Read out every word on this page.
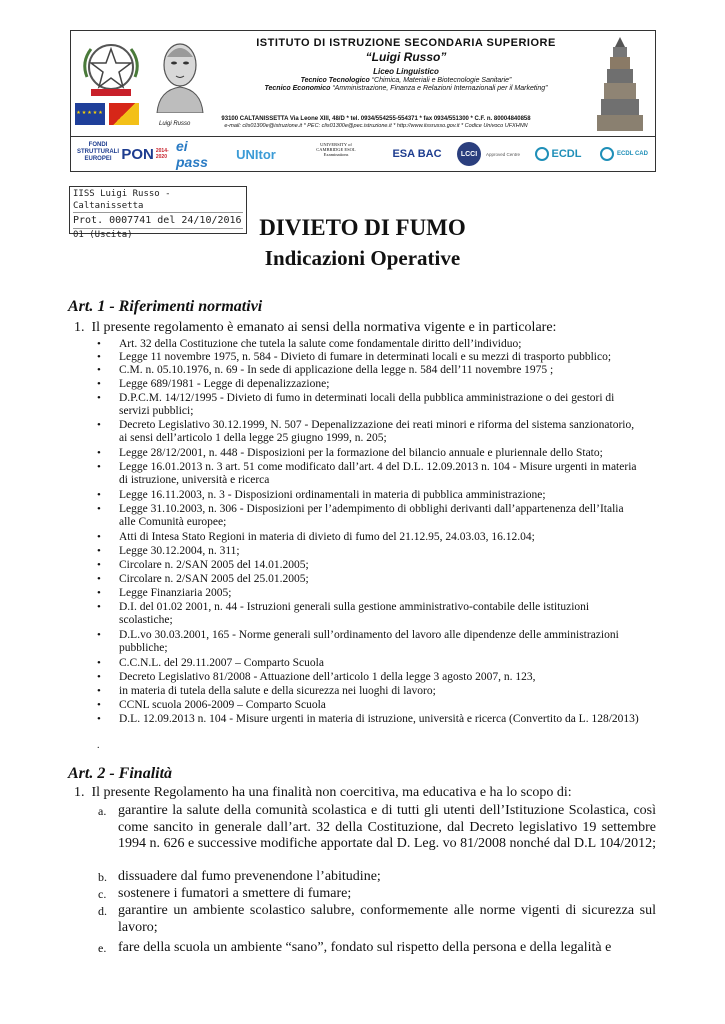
Luigi Russo
★★★★★
ISTITUTO DI ISTRUZIONE SECONDARIA SUPERIORE
“Luigi Russo”
Liceo Linguistico
Tecnico Tecnologico “Chimica, Materiali e Biotecnologie Sanitarie”
Tecnico Economico “Amministrazione, Finanza e Relazioni Internazionali per il Marketing”
93100 CALTANISSETTA Via Leone XIII, 48/D * tel. 0934/554255-554371 * fax 0934/551300 * C.F. n. 80004840858
e-mail: clis01300e@istruzione.it * PEC: clis01300e@pec.istruzione.it * http://www.iissrusso.gov.it * Codice Univoco UFXHNN
FONDI STRUTTURALI EUROPEI PON 2014-2020
ei pass	UNItor
UNIVERSITY of CAMBRIDGE ESOL Examinations	ESA BAC	LCCI	Approved Centre	ECDL	ECDL CAD
IISS Luigi Russo - Caltanissetta
Prot. 0007741 del 24/10/2016
01 (Uscita)	DIVIETO DI FUMO
Indicazioni Operative
Art. 1 - Riferimenti normativi
1. Il presente regolamento è emanato ai sensi della normativa vigente e in particolare:
• Art. 32 della Costituzione che tutela la salute come fondamentale diritto dell’individuo;
• Legge 11 novembre 1975, n. 584 - Divieto di fumare in determinati locali e su mezzi di trasporto pubblico;
• C.M. n. 05.10.1976, n. 69 - In sede di applicazione della legge n. 584 dell’11 novembre 1975 ;
• Legge 689/1981 - Legge di depenalizzazione;
• D.P.C.M. 14/12/1995 - Divieto di fumo in determinati locali della pubblica amministrazione o dei gestori di servizi pubblici;
• Decreto Legislativo 30.12.1999, N. 507 - Depenalizzazione dei reati minori e riforma del sistema sanzionatorio, ai sensi dell’articolo 1 della legge 25 giugno 1999, n. 205;
• Legge 28/12/2001, n. 448 - Disposizioni per la formazione del bilancio annuale e pluriennale dello Stato;
• Legge 16.01.2013 n. 3 art. 51 come modificato dall’art. 4 del D.L. 12.09.2013 n. 104 - Misure urgenti in materia di istruzione, università e ricerca
• Legge 16.11.2003, n. 3 - Disposizioni ordinamentali in materia di pubblica amministrazione;
• Legge 31.10.2003, n. 306 - Disposizioni per l’adempimento di obblighi derivanti dall’appartenenza dell’Italia alle Comunità europee;
• Atti di Intesa Stato Regioni in materia di divieto di fumo del 21.12.95, 24.03.03, 16.12.04;
• Legge 30.12.2004, n. 311;
• Circolare n. 2/SAN 2005 del 14.01.2005;
• Circolare n. 2/SAN 2005 del 25.01.2005;
• Legge Finanziaria 2005;
• D.I. del 01.02 2001, n. 44 - Istruzioni generali sulla gestione amministrativo-contabile delle istituzioni scolastiche;
• D.L.vo 30.03.2001, 165 - Norme generali sull’ordinamento del lavoro alle dipendenze delle amministrazioni pubbliche;
• C.C.N.L. del 29.11.2007 – Comparto Scuola
• Decreto Legislativo 81/2008 - Attuazione dell’articolo 1 della legge 3 agosto 2007, n. 123,
• in materia di tutela della salute e della sicurezza nei luoghi di lavoro;
• CCNL scuola 2006-2009 – Comparto Scuola
• D.L. 12.09.2013 n. 104 - Misure urgenti in materia di istruzione, università e ricerca (Convertito da L. 128/2013)
.
Art. 2 - Finalità
1. Il presente Regolamento ha una finalità non coercitiva, ma educativa e ha lo scopo di:
a. garantire la salute della comunità scolastica e di tutti gli utenti dell’Istituzione Scolastica, così come sancito in generale dall’art. 32 della Costituzione, dal Decreto legislativo 19 settembre 1994 n. 626 e successive modifiche apportate dal D. Leg. vo 81/2008 nonché dal D.L 104/2012;
b. dissuadere dal fumo prevenendone l’abitudine;
c. sostenere i fumatori a smettere di fumare;
d. garantire un ambiente scolastico salubre, conformemente alle norme vigenti di sicurezza sul lavoro;
e. fare della scuola un ambiente “sano”, fondato sul rispetto della persona e della legalità e
